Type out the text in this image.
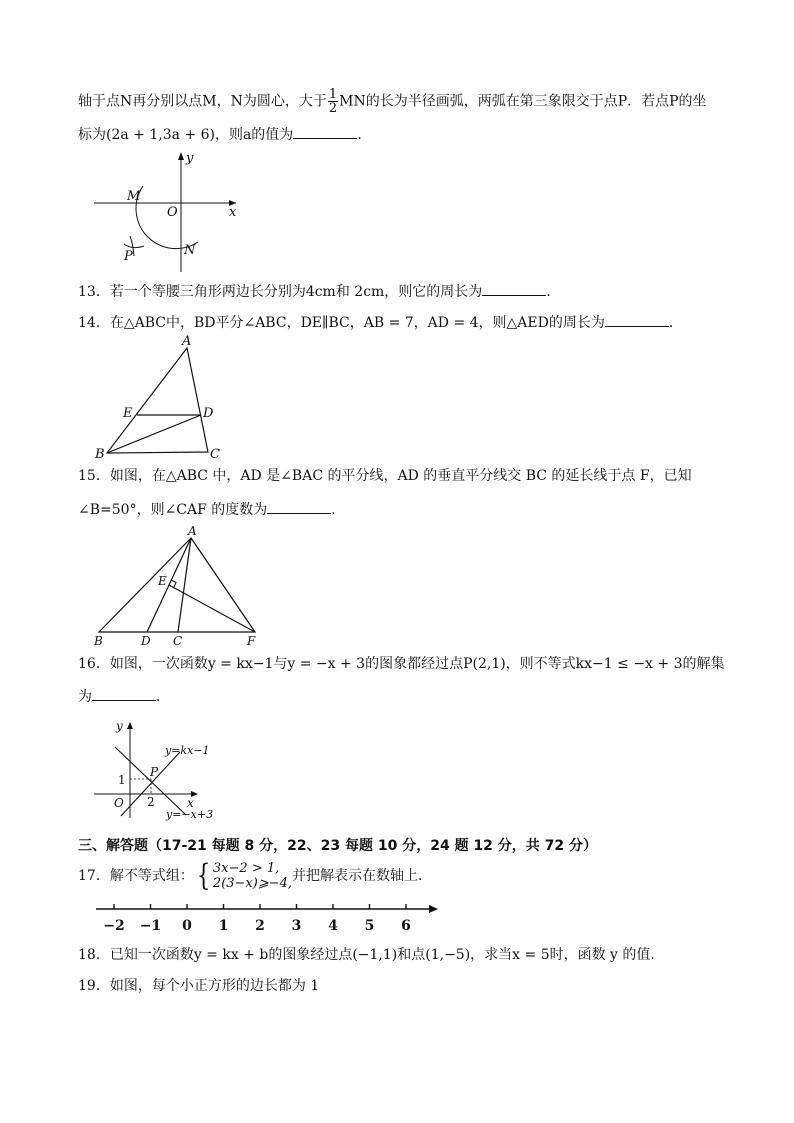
轴于点N再分别以点M，N为圆心，大于 $\frac{1}{2}$ MN的长为半径画弧，两弧在第三象限交于点P．若点P的坐
标为(2a + 1,3a + 6)，则a的值为	．
y
x
M
O
N
P
13．若一个等腰三角形两边长分别为4cm和 2cm，则它的周长为	．
14．在△ABC中，BD平分∠ABC，DE∥BC，AB = 7，AD = 4，则△AED的周长为	．
A
E	D
B	C
15．如图，在△ABC 中，AD 是∠BAC 的平分线，AD 的垂直平分线交 BC 的延长线于点 F，已知
∠B=50°，则∠CAF 的度数为	．
A
E
B	D C	F
16．如图，一次函数y = kx−1与y = −x + 3的图象都经过点P(2,1)，则不等式kx−1 ≤ −x + 3的解集
为	．
y
x
O
1
2
P
y=kx−1
y=−x+3
三、解答题（17-21 每题 8 分，22、23 每题 10 分，24 题 12 分，共 72 分）
17．解不等式组：{ 3x−2 > 1,
2(3−x)⩾−4, 并把解表示在数轴上．
−2 −1 0 1 2 3 4 5 6
18．已知一次函数y = kx + b的图象经过点(−1,1)和点(1,−5)，求当x = 5时，函数 y 的值．
19．如图，每个小正方形的边长都为 1
